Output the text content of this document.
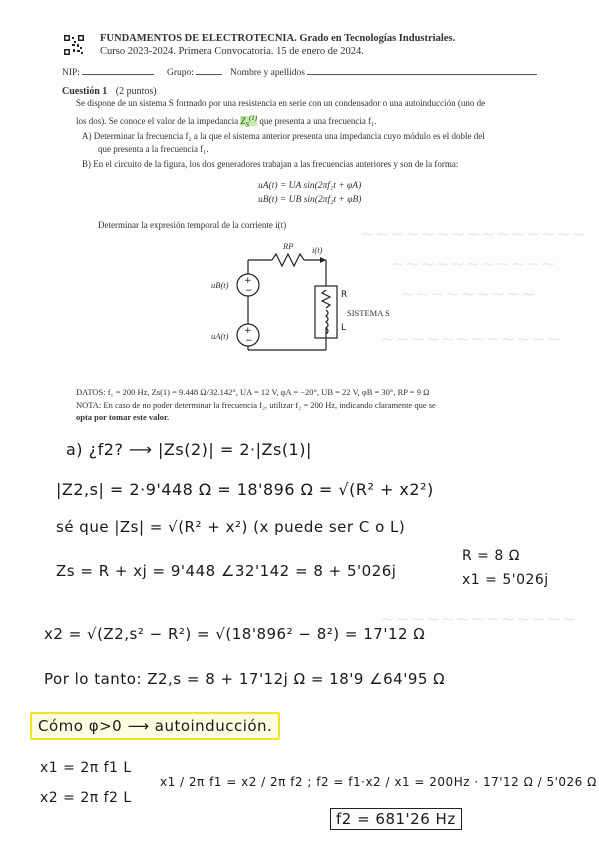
~~~~~~~~~~~~~~~
~~~~~~~~~~~
~~~~~~~~~
~~~~~~~~~~~~
~~~~~~~~~~~~~
FUNDAMENTOS DE ELECTROTECNIA. Grado en Tecnologías Industriales.
Curso 2023-2024. Primera Convocatoria. 15 de enero de 2024.
NIP:	Grupo:	Nombre y apellidos
Cuestión 1 (2 puntos)
Se dispone de un sistema S formado por una resistencia en serie con un condensador o una autoinducción (uno de
los dos). Se conoce el valor de la impedancia $Z_S^{(1)}$ que presenta a una frecuencia f₁.
A) Determinar la frecuencia f₂ a la que el sistema anterior presenta una impedancia cuyo módulo es el doble del
que presenta a la frecuencia f₁.
B) En el circuito de la figura, los dos generadores trabajan a las frecuencias anteriores y son de la forma:
uA(t) = UA sin(2πf₁t + φA)
uB(t) = UB sin(2πf₂t + φB)
Determinar la expresión temporal de la corriente i(t)
+
−
+
−
RP i(t)
uB(t)
uA(t)
R
L
SISTEMA S
DATOS: f₁ = 200 Hz, Zs(1) = 9.448 Ω/32.142°, UA = 12 V, φA = −20°, UB = 22 V, φB = 30°, RP = 9 Ω
NOTA: En caso de no poder determinar la frecuencia f₂, utilizar f₂ = 200 Hz, indicando claramente que se
opta por tomar este valor.
a) ¿f2? ⟶ |Zs(2)| = 2·|Zs(1)|
|Z2,s| = 2·9'448 Ω = 18'896 Ω = √(R² + x2²)
sé que |Zs| = √(R² + x²) (x puede ser C o L)
Zs = R + xj = 9'448 ∠32'142 = 8 + 5'026j
R = 8 Ω
x1 = 5'026j
x2 = √(Z2,s² − R²) = √(18'896² − 8²) = 17'12 Ω
Por lo tanto: Z2,s = 8 + 17'12j Ω = 18'9 ∠64'95 Ω
Cómo φ>0 ⟶ autoinducción.
x1 = 2π f1 L
x2 = 2π f2 L
x1 / 2π f1 = x2 / 2π f2 ; f2 = f1·x2 / x1 = 200Hz · 17'12 Ω / 5'026 Ω
f2 = 681'26 Hz
